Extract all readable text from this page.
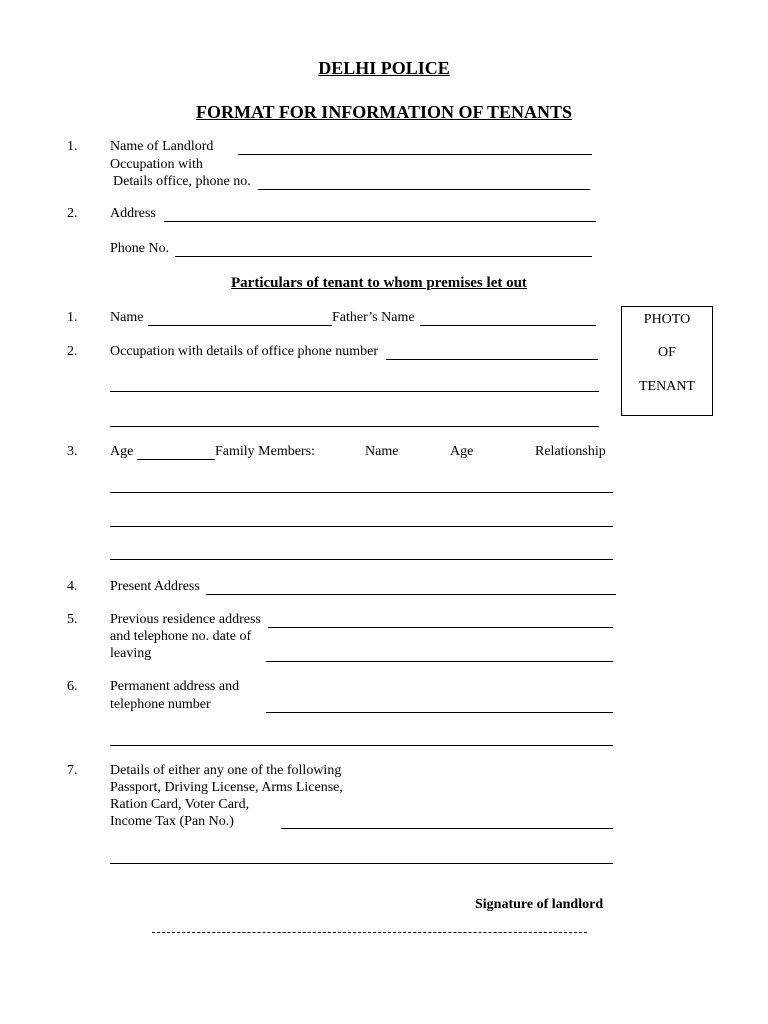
DELHI POLICE
FORMAT FOR INFORMATION OF TENANTS
1. Name of Landlord
Occupation with
Details office, phone no.
2. Address
Phone No.
Particulars of tenant to whom premises let out
PHOTO
OF
TENANT
1. Name	Father’s Name
2. Occupation with details of office phone number
3. Age	Family Members:	Name	Age	Relationship
4. Present Address
5. Previous residence address
and telephone no. date of
leaving
6. Permanent address and
telephone number
7. Details of either any one of the following
Passport, Driving License, Arms License,
Ration Card, Voter Card,
Income Tax (Pan No.)
Signature of landlord
